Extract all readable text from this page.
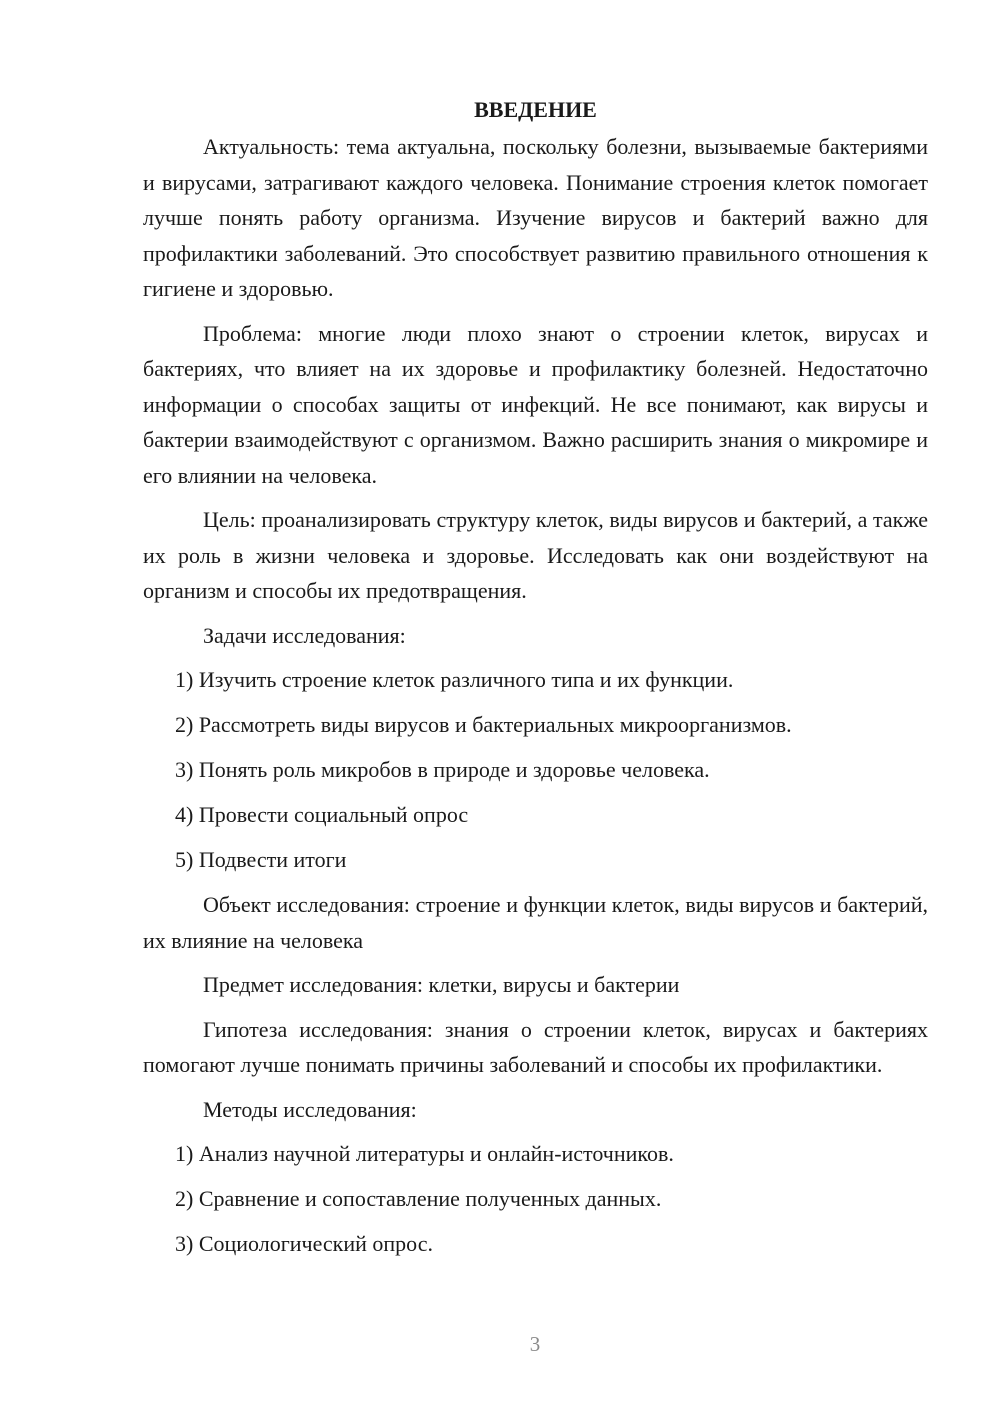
ВВЕДЕНИЕ

Актуальность: тема актуальна, поскольку болезни, вызываемые бактериями и вирусами, затрагивают каждого человека. Понимание строения клеток помогает лучше понять работу организма. Изучение вирусов и бактерий важно для профилактики заболеваний. Это способствует развитию правильного отношения к гигиене и здоровью.

Проблема: многие люди плохо знают о строении клеток, вирусах и бактериях, что влияет на их здоровье и профилактику болезней. Недостаточно информации о способах защиты от инфекций. Не все понимают, как вирусы и бактерии взаимодействуют с организмом. Важно расширить знания о микромире и его влиянии на человека.

Цель: проанализировать структуру клеток, виды вирусов и бактерий, а также их роль в жизни человека и здоровье. Исследовать как они воздействуют на организм и способы их предотвращения.

Задачи исследования:

1) Изучить строение клеток различного типа и их функции.
2) Рассмотреть виды вирусов и бактериальных микроорганизмов.
3) Понять роль микробов в природе и здоровье человека.
4) Провести социальный опрос
5) Подвести итоги

Объект исследования: строение и функции клеток, виды вирусов и бактерий, их влияние на человека

Предмет исследования: клетки, вирусы и бактерии

Гипотеза исследования: знания о строении клеток, вирусах и бактериях помогают лучше понимать причины заболеваний и способы их профилактики.

Методы исследования:

1) Анализ научной литературы и онлайн-источников.
2) Сравнение и сопоставление полученных данных.
3) Социологический опрос.
3
